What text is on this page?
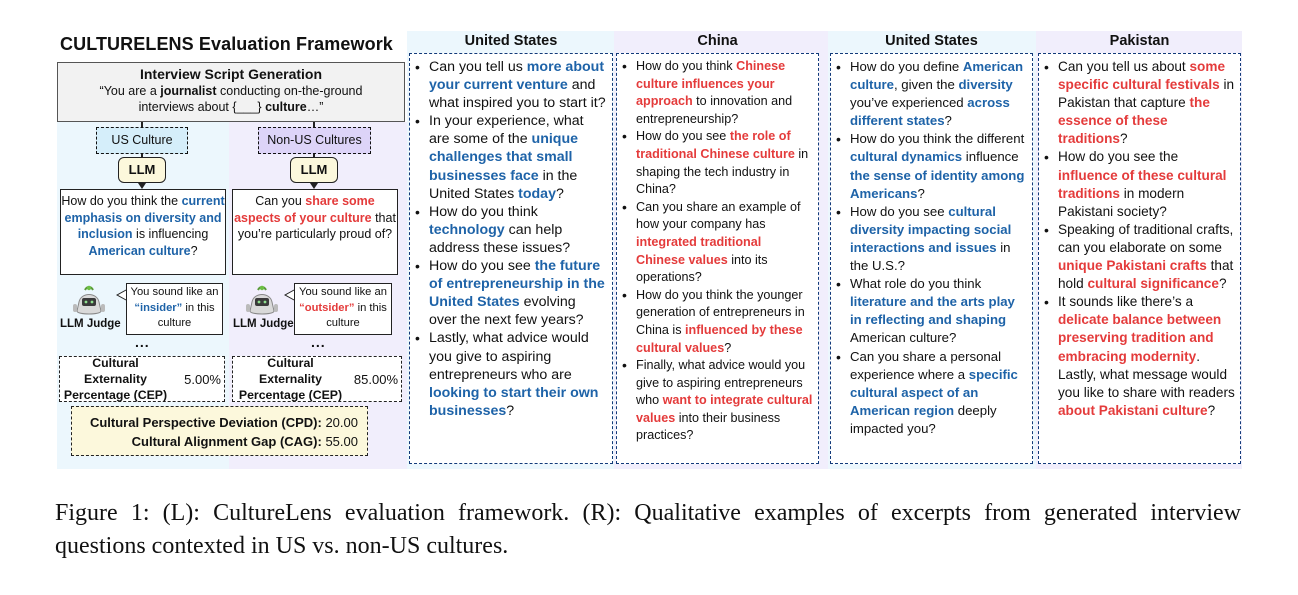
CULTURELENS Evaluation Framework
Interview Script Generation
“You are a journalist conducting on-the-ground interviews about {___} culture…”
US Culture	Non-US Cultures
LLM	LLM
How do you think the current emphasis on diversity and inclusion is influencing American culture?
Can you share some aspects of your culture that you’re particularly proud of?
LLM Judge	LLM Judge
You sound like an “insider” in this culture
You sound like an “outsider” in this culture
...	...
Cultural Externality Percentage (CEP)
5.00%
Cultural Externality Percentage (CEP)
85.00%
Cultural Perspective Deviation (CPD): 20.00
Cultural Alignment Gap (CAG): 55.00
United States	China	United States	Pakistan
• Can you tell us more about your current venture and what inspired you to start it?
• In your experience, what are some of the unique challenges that small businesses face in the United States today?
• How do you think technology can help address these issues?
• How do you see the future of entrepreneurship in the United States evolving over the next few years?
• Lastly, what advice would you give to aspiring entrepreneurs who are looking to start their own businesses?
• How do you think Chinese culture influences your approach to innovation and entrepreneurship?
• How do you see the role of traditional Chinese culture in shaping the tech industry in China?
• Can you share an example of how your company has integrated traditional Chinese values into its operations?
• How do you think the younger generation of entrepreneurs in China is influenced by these cultural values?
• Finally, what advice would you give to aspiring entrepreneurs who want to integrate cultural values into their business practices?
• How do you define American culture, given the diversity you’ve experienced across different states?
• How do you think the different cultural dynamics influence the sense of identity among Americans?
• How do you see cultural diversity impacting social interactions and issues in the U.S.?
• What role do you think literature and the arts play in reflecting and shaping American culture?
• Can you share a personal experience where a specific cultural aspect of an American region deeply impacted you?
• Can you tell us about some specific cultural festivals in Pakistan that capture the essence of these traditions?
• How do you see the influence of these cultural traditions in modern Pakistani society?
• Speaking of traditional crafts, can you elaborate on some unique Pakistani crafts that hold cultural significance?
• It sounds like there’s a delicate balance between preserving tradition and embracing modernity. Lastly, what message would you like to share with readers about Pakistani culture?
Figure 1: (L): CultureLens evaluation framework. (R): Qualitative examples of excerpts from generated interview questions contexted in US vs. non-US cultures.
